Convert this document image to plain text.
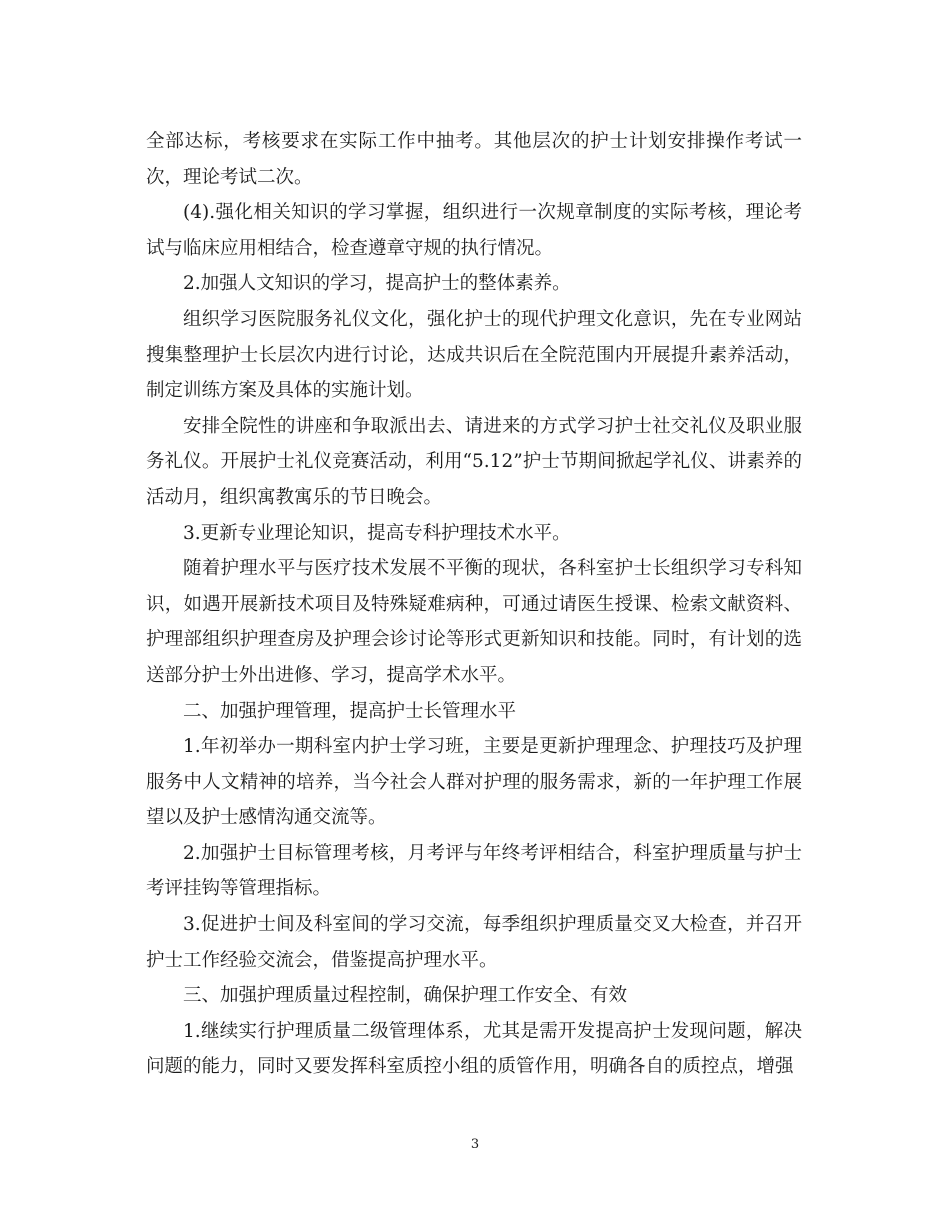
全部达标，考核要求在实际工作中抽考。其他层次的护士计划安排操作考试一次，理论考试二次。

(4).强化相关知识的学习掌握，组织进行一次规章制度的实际考核，理论考试与临床应用相结合，检查遵章守规的执行情况。

2.加强人文知识的学习，提高护士的整体素养。

组织学习医院服务礼仪文化，强化护士的现代护理文化意识，先在专业网站搜集整理护士长层次内进行讨论，达成共识后在全院范围内开展提升素养活动，制定训练方案及具体的实施计划。

安排全院性的讲座和争取派出去、请进来的方式学习护士社交礼仪及职业服务礼仪。开展护士礼仪竞赛活动，利用“5.12”护士节期间掀起学礼仪、讲素养的活动月，组织寓教寓乐的节日晚会。

3.更新专业理论知识，提高专科护理技术水平。

随着护理水平与医疗技术发展不平衡的现状，各科室护士长组织学习专科知识，如遇开展新技术项目及特殊疑难病种，可通过请医生授课、检索文献资料、护理部组织护理查房及护理会诊讨论等形式更新知识和技能。同时，有计划的选送部分护士外出进修、学习，提高学术水平。

二、加强护理管理，提高护士长管理水平

1.年初举办一期科室内护士学习班，主要是更新护理理念、护理技巧及护理服务中人文精神的培养，当今社会人群对护理的服务需求，新的一年护理工作展望以及护士感情沟通交流等。

2.加强护士目标管理考核，月考评与年终考评相结合，科室护理质量与护士考评挂钩等管理指标。

3.促进护士间及科室间的学习交流，每季组织护理质量交叉大检查，并召开护士工作经验交流会，借鉴提高护理水平。

三、加强护理质量过程控制，确保护理工作安全、有效

1.继续实行护理质量二级管理体系，尤其是需开发提高护士发现问题，解决问题的能力，同时又要发挥科室质控小组的质管作用，明确各自的质控点，增强

3
